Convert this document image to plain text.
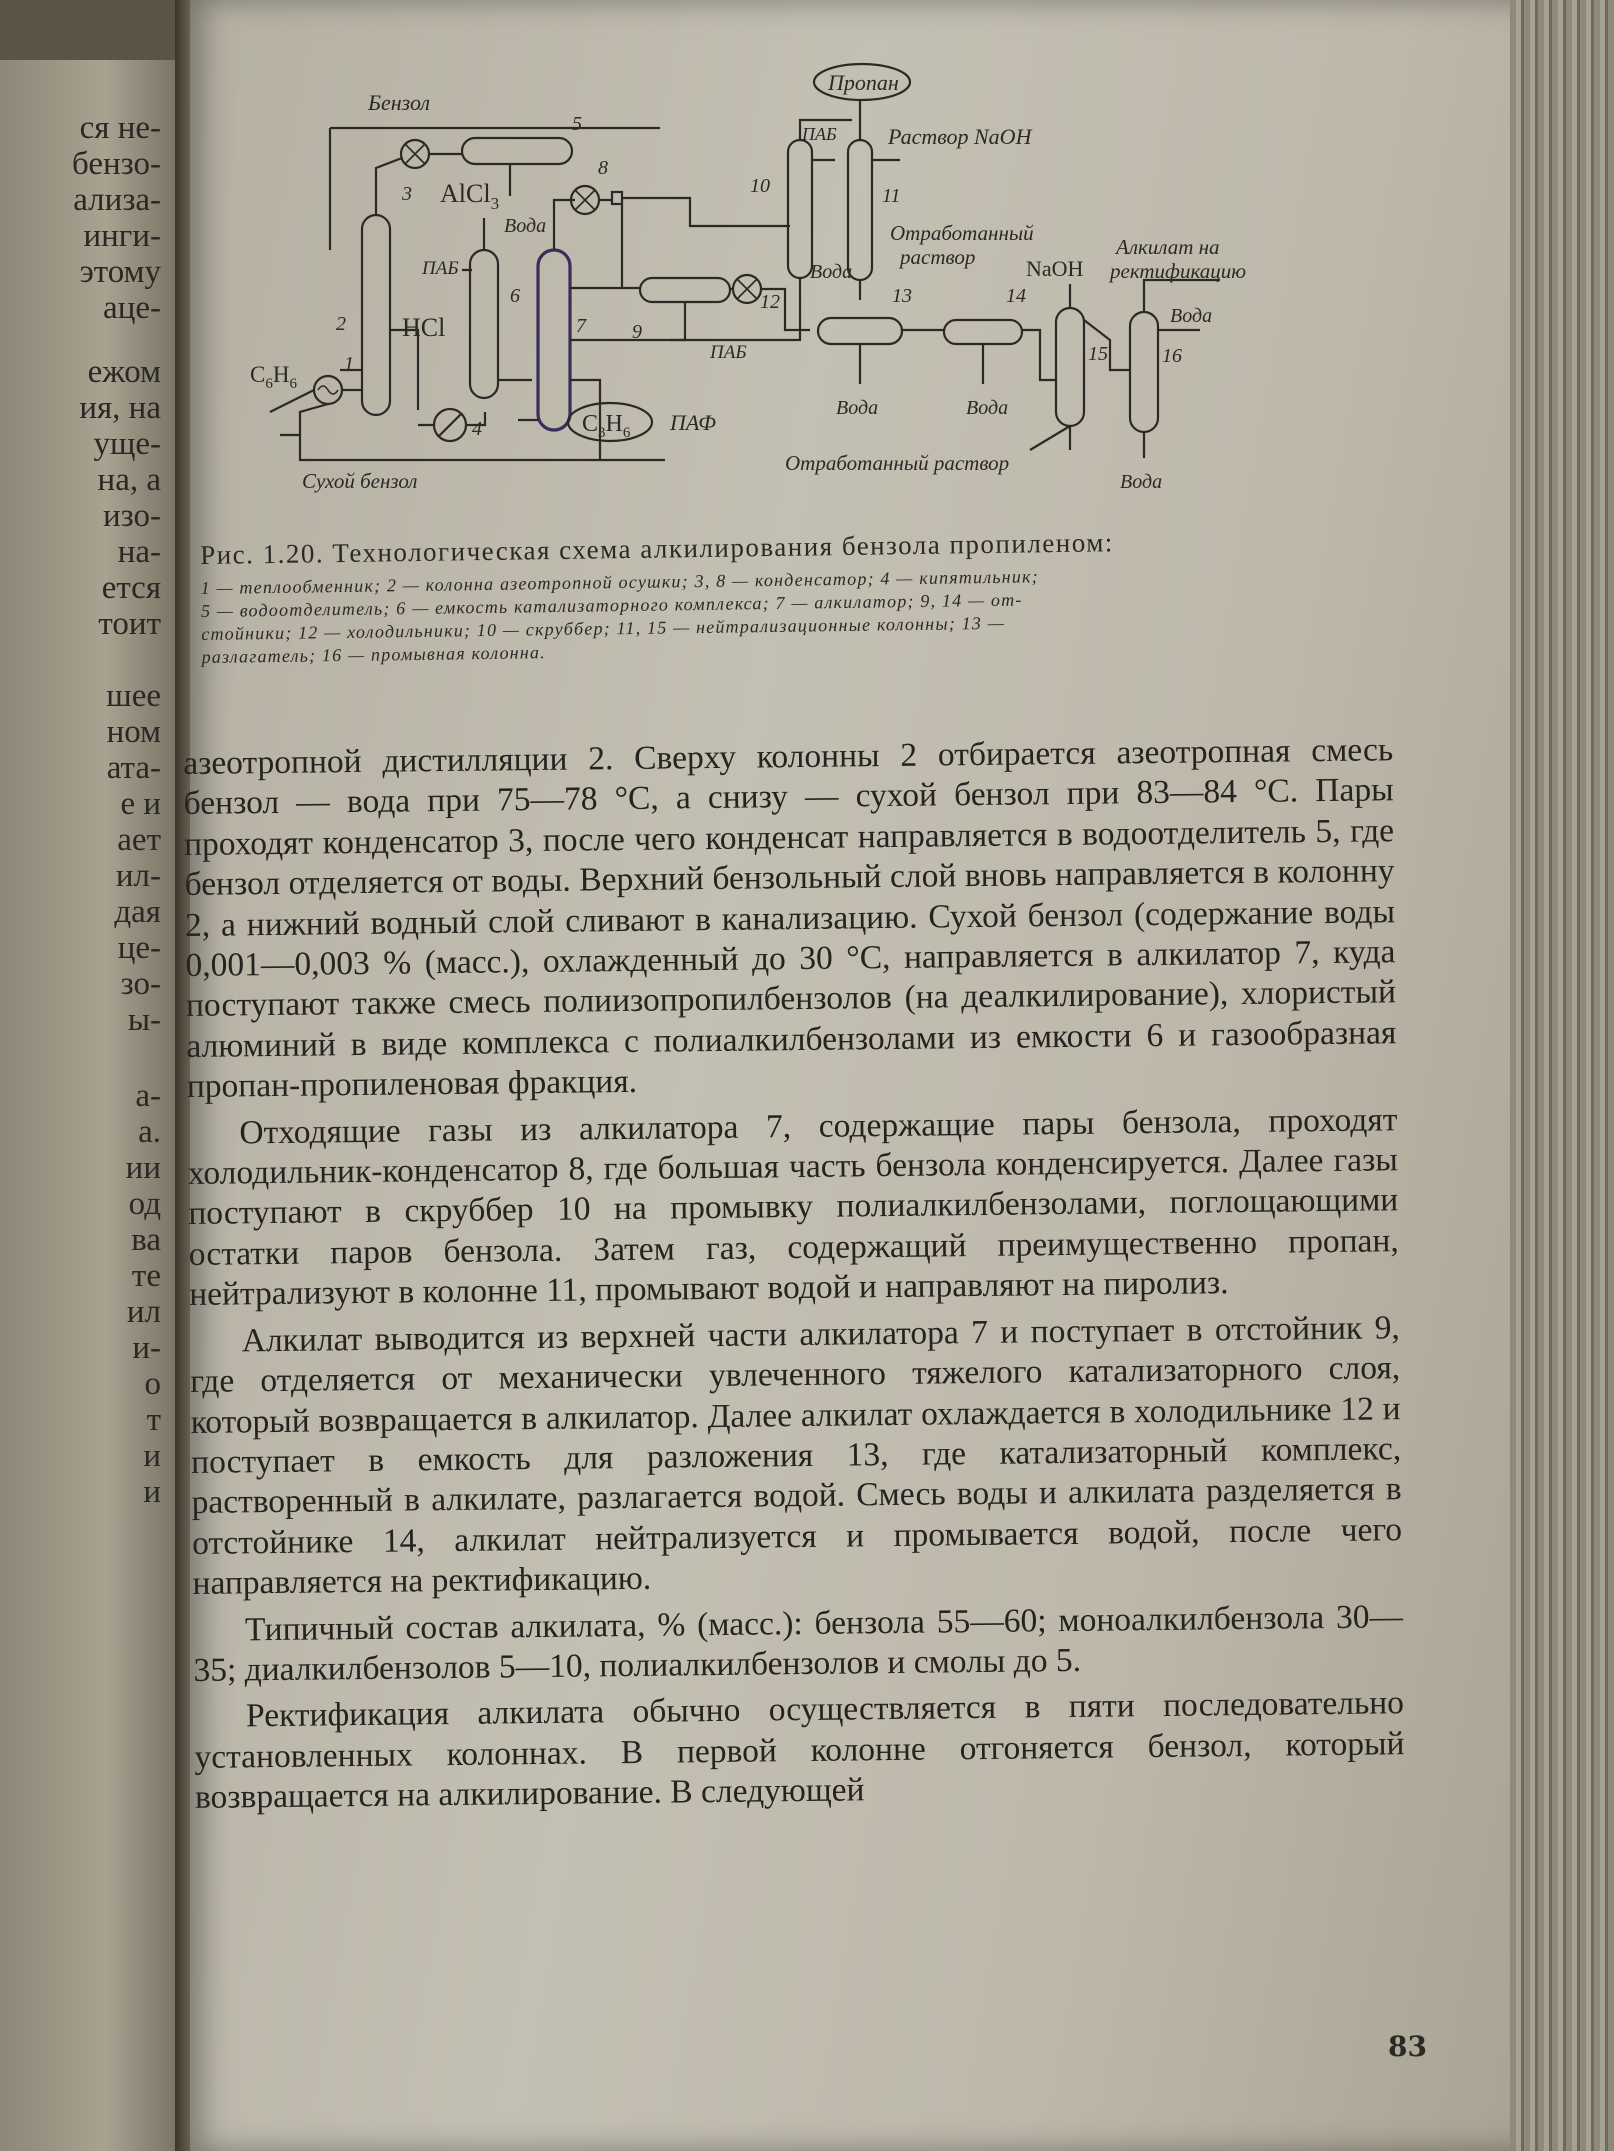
ся не-
бензо-
ализа-
инги-
этому
аце-
ежом
ия, на
уще-
на, а
изо-
на-
ется
тоит
шее
ном
ата-
е и
ает
ил-
дая
це-
зо-
ы-
а-
а.
ии
од
ва
те
ил
и-
о
т
и
и
Бензол
3
5
Вода
AlCl$_3$
2
1
$C_6H_6$
Сухой бензол
4
6
ПАБ
HCl	7
8
$C_3H_6$ ПАФ
9
12
ПАБ
10
ПАБ
Вода
Пропан
11
Раствор NaOH
Отработанный
раствор
13
Вода
14
Вода
NaOH
15
Отработанный раствор
16
Алкилат на
ректификацию
Вода
Вода
Рис. 1.20. Технологическая схема алкилирования бензола пропиленом:
1 — теплообменник; 2 — колонна азеотропной осушки; 3, 8 — конденсатор; 4 — кипятильник;
5 — водоотделитель; 6 — емкость катализаторного комплекса; 7 — алкилатор; 9, 14 — от-
стойники; 12 — холодильники; 10 — скруббер; 11, 15 — нейтрализационные колонны; 13 —
разлагатель; 16 — промывная колонна.

азеотропной дистилляции 2. Сверху колонны 2 отбирается азеотропная смесь бензол — вода при 75—78 °С, а снизу — сухой бензол при 83—84 °С. Пары проходят конденсатор 3, после чего конденсат направляется в водоотделитель 5, где бензол отделяется от воды. Верхний бензольный слой вновь направляется в колонну 2, а нижний водный слой сливают в канализацию. Сухой бензол (содержание воды 0,001—0,003 % (масс.), охлажденный до 30 °С, направляется в алкилатор 7, куда поступают также смесь полиизопропилбензолов (на деалкилирование), хлористый алюминий в виде комплекса с полиалкилбензолами из емкости 6 и газообразная пропан-пропиленовая фракция.

Отходящие газы из алкилатора 7, содержащие пары бензола, проходят холодильник-конденсатор 8, где большая часть бензола конденсируется. Далее газы поступают в скруббер 10 на промывку полиалкилбензолами, поглощающими остатки паров бензола. Затем газ, содержащий преимущественно пропан, нейтрализуют в колонне 11, промывают водой и направляют на пиролиз.

Алкилат выводится из верхней части алкилатора 7 и поступает в отстойник 9, где отделяется от механически увлеченного тяжелого катализаторного слоя, который возвращается в алкилатор. Далее алкилат охлаждается в холодильнике 12 и поступает в емкость для разложения 13, где катализаторный комплекс, растворенный в алкилате, разлагается водой. Смесь воды и алкилата разделяется в отстойнике 14, алкилат нейтрализуется и промывается водой, после чего направляется на ректификацию.

Типичный состав алкилата, % (масс.): бензола 55—60; моноалкилбензола 30—35; диалкилбензолов 5—10, полиалкилбензолов и смолы до 5.

Ректификация алкилата обычно осуществляется в пяти последовательно установленных колоннах. В первой колонне отгоняется бензол, который возвращается на алкилирование. В следующей

83
